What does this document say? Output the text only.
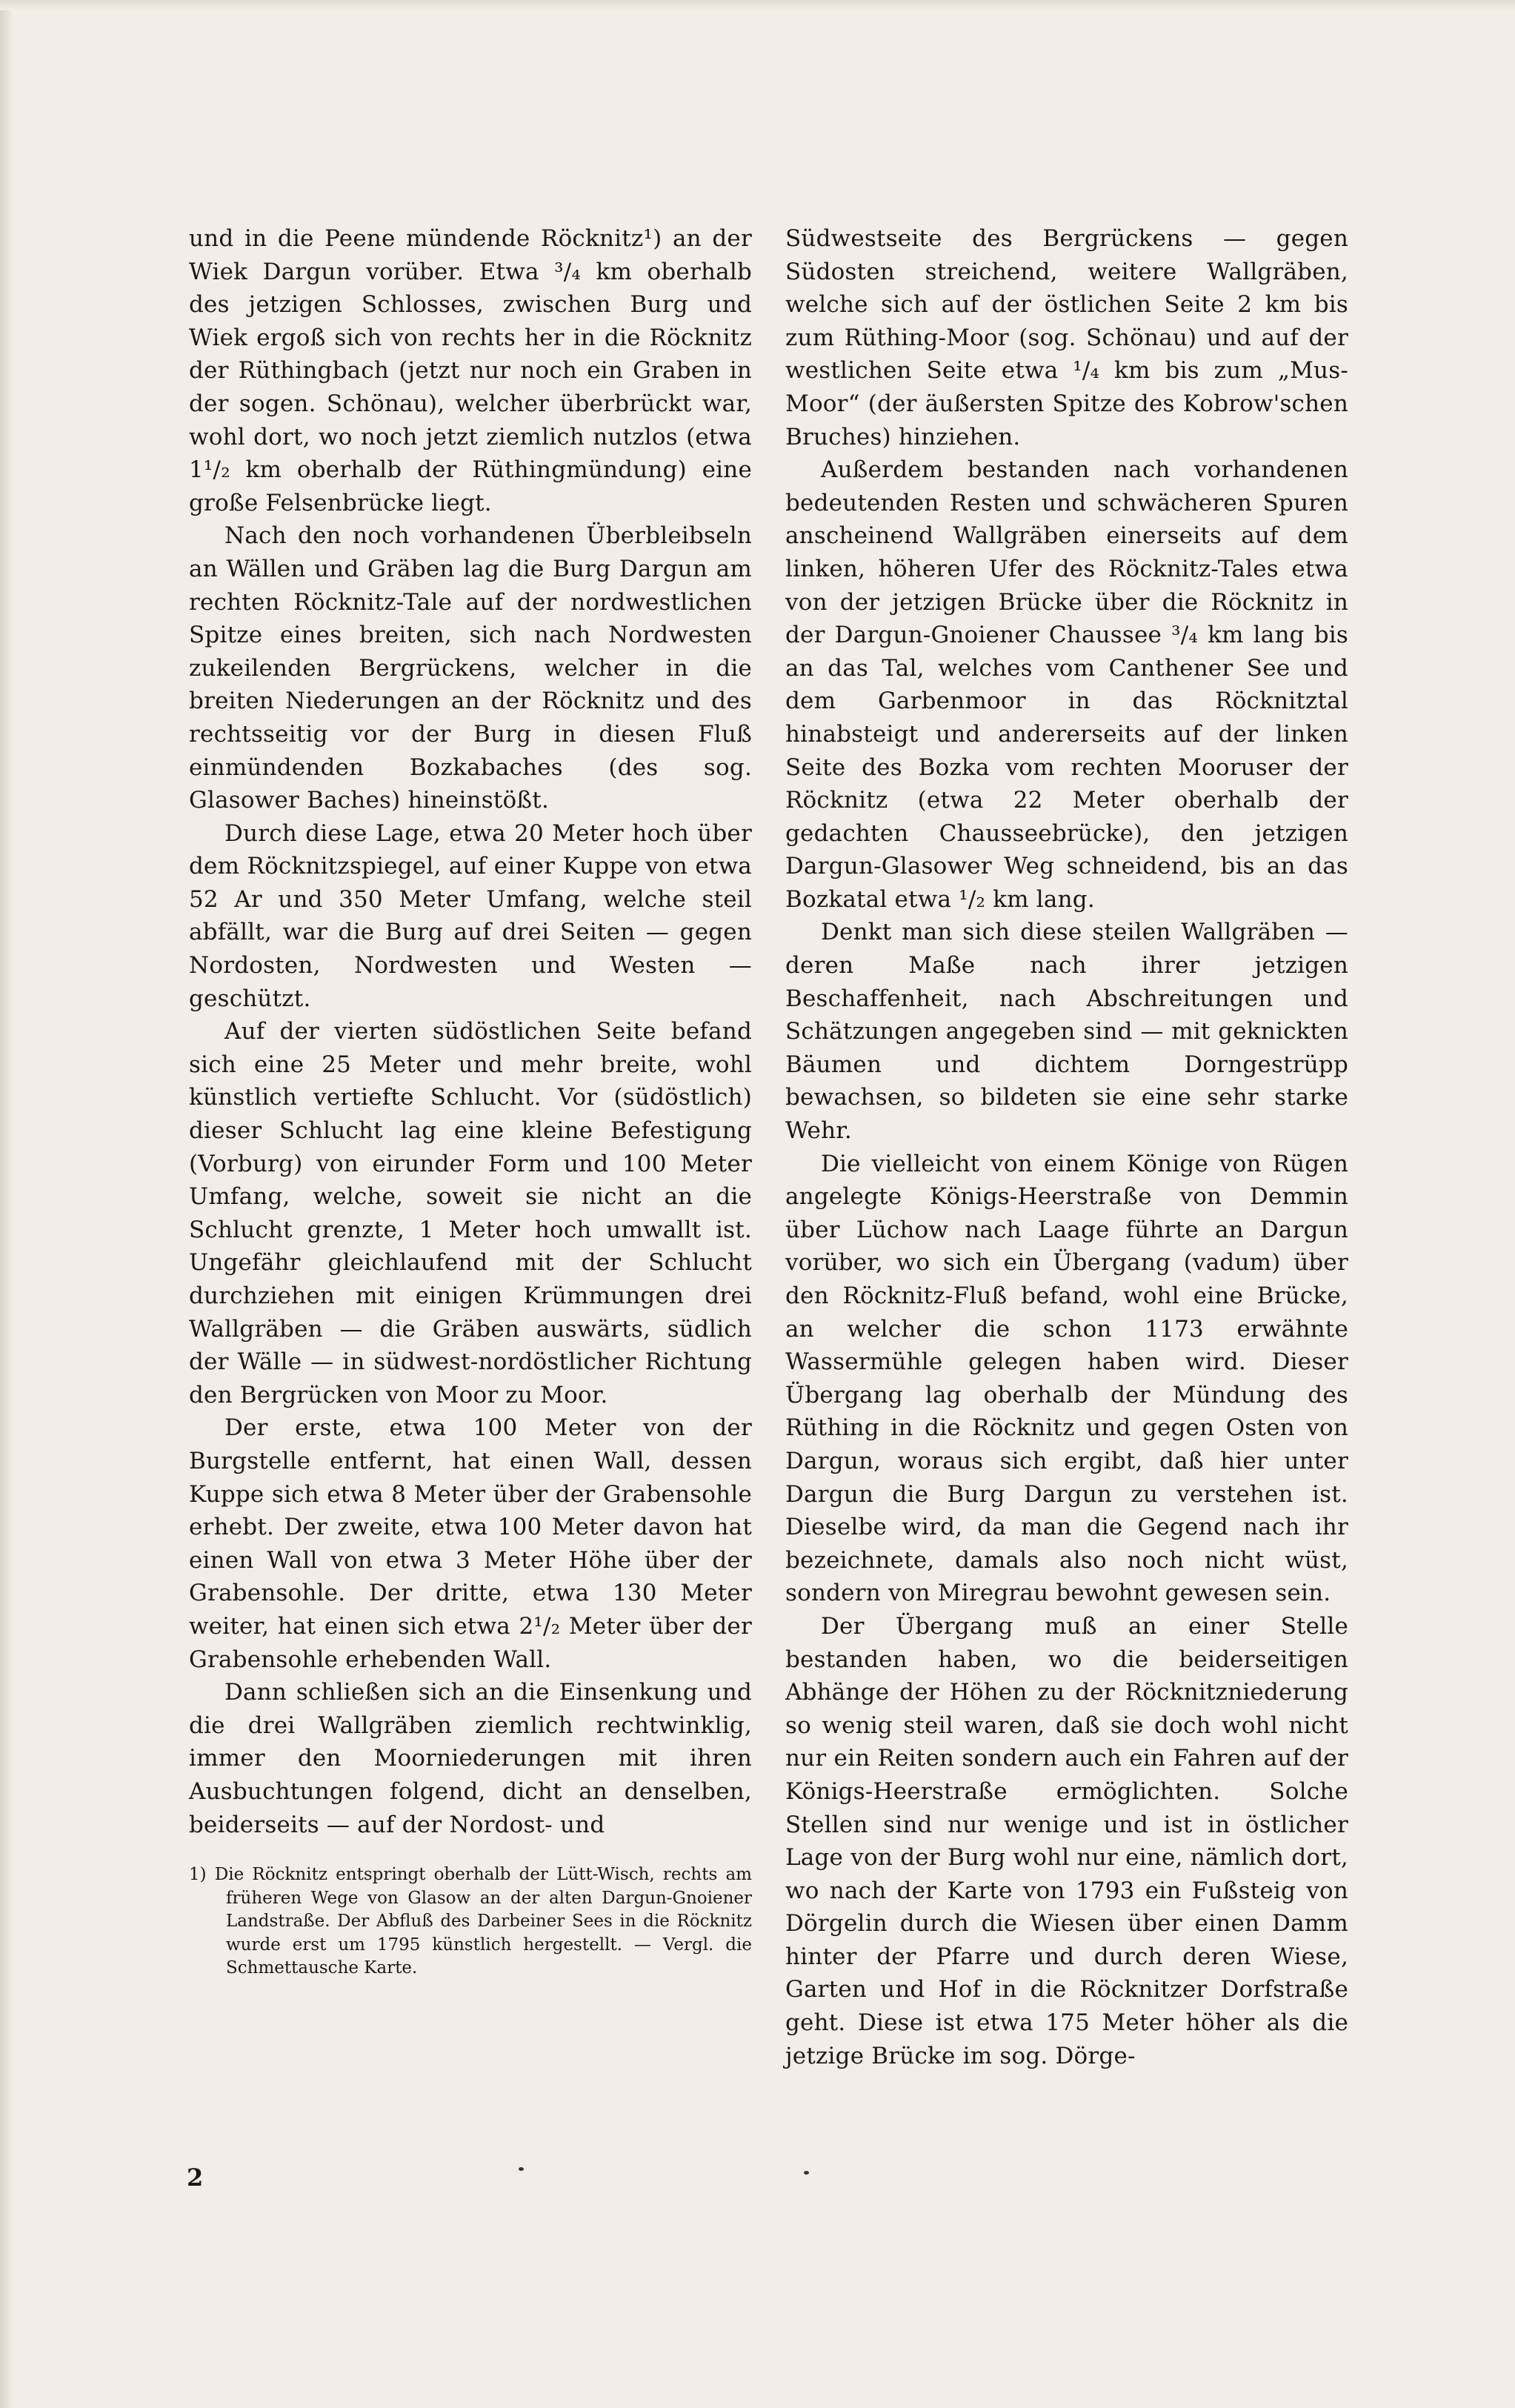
und in die Peene mündende Röcknitz¹) an der Wiek Dargun vorüber. Etwa ³/₄ km oberhalb des jetzigen Schlosses, zwischen Burg und Wiek ergoß sich von rechts her in die Röcknitz der Rüthingbach (jetzt nur noch ein Graben in der sogen. Schönau), welcher überbrückt war, wohl dort, wo noch jetzt ziemlich nutzlos (etwa 1¹/₂ km oberhalb der Rüthingmündung) eine große Felsenbrücke liegt.

Nach den noch vorhandenen Überbleibseln an Wällen und Gräben lag die Burg Dargun am rechten Röcknitz-Tale auf der nordwestlichen Spitze eines breiten, sich nach Nordwesten zukeilenden Bergrückens, welcher in die breiten Niederungen an der Röcknitz und des rechtsseitig vor der Burg in diesen Fluß einmündenden Bozkabaches (des sog. Glasower Baches) hineinstößt.

Durch diese Lage, etwa 20 Meter hoch über dem Röcknitzspiegel, auf einer Kuppe von etwa 52 Ar und 350 Meter Umfang, welche steil abfällt, war die Burg auf drei Seiten — gegen Nordosten, Nordwesten und Westen — geschützt.

Auf der vierten südöstlichen Seite befand sich eine 25 Meter und mehr breite, wohl künstlich vertiefte Schlucht. Vor (südöstlich) dieser Schlucht lag eine kleine Befestigung (Vorburg) von eirunder Form und 100 Meter Umfang, welche, soweit sie nicht an die Schlucht grenzte, 1 Meter hoch umwallt ist. Ungefähr gleichlaufend mit der Schlucht durchziehen mit einigen Krümmungen drei Wallgräben — die Gräben auswärts, südlich der Wälle — in südwest-nordöstlicher Richtung den Bergrücken von Moor zu Moor.

Der erste, etwa 100 Meter von der Burgstelle entfernt, hat einen Wall, dessen Kuppe sich etwa 8 Meter über der Grabensohle erhebt. Der zweite, etwa 100 Meter davon hat einen Wall von etwa 3 Meter Höhe über der Grabensohle. Der dritte, etwa 130 Meter weiter, hat einen sich etwa 2¹/₂ Meter über der Grabensohle erhebenden Wall.

Dann schließen sich an die Einsenkung und die drei Wallgräben ziemlich rechtwinklig, immer den Moorniederungen mit ihren Ausbuchtungen folgend, dicht an denselben, beiderseits — auf der Nordost- und

1) Die Röcknitz entspringt oberhalb der Lütt-Wisch, rechts am früheren Wege von Glasow an der alten Dargun-Gnoiener Landstraße. Der Abfluß des Darbeiner Sees in die Röcknitz wurde erst um 1795 künstlich hergestellt. — Vergl. die Schmettausche Karte.

Südwestseite des Bergrückens — gegen Südosten streichend, weitere Wallgräben, welche sich auf der östlichen Seite 2 km bis zum Rüthing-Moor (sog. Schönau) und auf der westlichen Seite etwa ¹/₄ km bis zum „Mus-Moor“ (der äußersten Spitze des Kobrow'schen Bruches) hinziehen.

Außerdem bestanden nach vorhandenen bedeutenden Resten und schwächeren Spuren anscheinend Wallgräben einerseits auf dem linken, höheren Ufer des Röcknitz-Tales etwa von der jetzigen Brücke über die Röcknitz in der Dargun-Gnoiener Chaussee ³/₄ km lang bis an das Tal, welches vom Canthener See und dem Garbenmoor in das Röcknitztal hinabsteigt und andererseits auf der linken Seite des Bozka vom rechten Mooruser der Röcknitz (etwa 22 Meter oberhalb der gedachten Chausseebrücke), den jetzigen Dargun-Glasower Weg schneidend, bis an das Bozkatal etwa ¹/₂ km lang.

Denkt man sich diese steilen Wallgräben — deren Maße nach ihrer jetzigen Beschaffenheit, nach Abschreitungen und Schätzungen angegeben sind — mit geknickten Bäumen und dichtem Dorngestrüpp bewachsen, so bildeten sie eine sehr starke Wehr.

Die vielleicht von einem Könige von Rügen angelegte Königs-Heerstraße von Demmin über Lüchow nach Laage führte an Dargun vorüber, wo sich ein Übergang (vadum) über den Röcknitz-Fluß befand, wohl eine Brücke, an welcher die schon 1173 erwähnte Wassermühle gelegen haben wird. Dieser Übergang lag oberhalb der Mündung des Rüthing in die Röcknitz und gegen Osten von Dargun, woraus sich ergibt, daß hier unter Dargun die Burg Dargun zu verstehen ist. Dieselbe wird, da man die Gegend nach ihr bezeichnete, damals also noch nicht wüst, sondern von Miregrau bewohnt gewesen sein.

Der Übergang muß an einer Stelle bestanden haben, wo die beiderseitigen Abhänge der Höhen zu der Röcknitzniederung so wenig steil waren, daß sie doch wohl nicht nur ein Reiten sondern auch ein Fahren auf der Königs-Heerstraße ermöglichten. Solche Stellen sind nur wenige und ist in östlicher Lage von der Burg wohl nur eine, nämlich dort, wo nach der Karte von 1793 ein Fußsteig von Dörgelin durch die Wiesen über einen Damm hinter der Pfarre und durch deren Wiese, Garten und Hof in die Röcknitzer Dorfstraße geht. Diese ist etwa 175 Meter höher als die jetzige Brücke im sog. Dörge-

2
